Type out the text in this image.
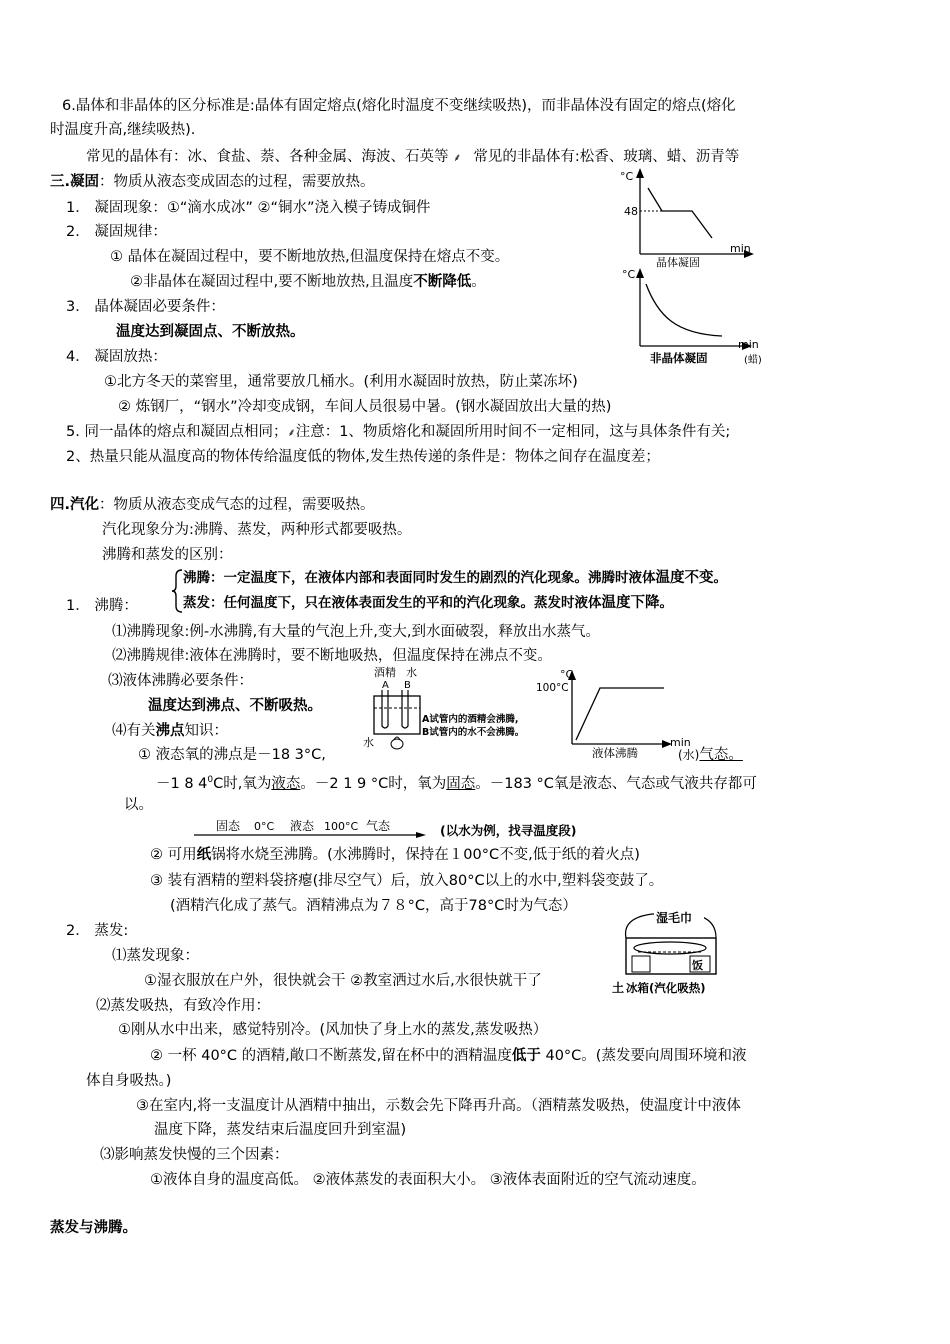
6.晶体和非晶体的区分标准是:晶体有固定熔点(熔化时温度不变继续吸热)，而非晶体没有固定的熔点(熔化
时温度升高,继续吸热).
常见的晶体有：冰、食盐、萘、各种金属、海波、石英等 ⸙ 常见的非晶体有:松香、玻璃、蜡、沥青等
三.凝固：物质从液态变成固态的过程，需要放热。
1． 凝固现象：①“滴水成冰” ②“铜水”浇入模子铸成铜件
2． 凝固规律：
① 晶体在凝固过程中，要不断地放热,但温度保持在熔点不变。
②非晶体在凝固过程中,要不断地放热,且温度不断降低。
3． 晶体凝固必要条件：
温度达到凝固点、不断放热。
4． 凝固放热：
①北方冬天的菜窖里，通常要放几桶水。(利用水凝固时放热，防止菜冻坏)
② 炼钢厂，“钢水”冷却变成钢，车间人员很易中暑。(钢水凝固放出大量的热)
5. 同一晶体的熔点和凝固点相同；⸙注意：1、物质熔化和凝固所用时间不一定相同，这与具体条件有关;
2、热量只能从温度高的物体传给温度低的物体,发生热传递的条件是：物体之间存在温度差；
°C
48
min
晶体凝固
°C
min
非晶体凝固	(蜡)
四.汽化：物质从液态变成气态的过程，需要吸热。
汽化现象分为:沸腾、蒸发，两种形式都要吸热。
沸腾和蒸发的区别：
沸腾：一定温度下，在液体内部和表面同时发生的剧烈的汽化现象。沸腾时液体温度不变。
蒸发：任何温度下，只在液体表面发生的平和的汽化现象。蒸发时液体温度下降。
1． 沸腾：
⑴沸腾现象:例-水沸腾,有大量的气泡上升,变大,到水面破裂，释放出水蒸气。
⑵沸腾规律:液体在沸腾时，要不断地吸热，但温度保持在沸点不变。
⑶液体沸腾必要条件：
温度达到沸点、不断吸热。
⑷有关沸点知识：
① 液态氧的沸点是－18 3°C,	(水)气态。
－1 8 $4^0C$时,氧为液态。－2 1 9 °C时，氧为固态。－183 °C氧是液态、气态或气液共存都可
以。
酒精 水
A B
水
A试管内的酒精会沸腾,
B试管内的水不会沸腾。
°C
100°C
min
液体沸腾
固态 0°C 液态 100°C 气态	(以水为例，找寻温度段)
② 可用纸锅将水烧至沸腾。(水沸腾时，保持在１00°C不变,低于纸的着火点)
③ 装有酒精的塑料袋挤瘪(排尽空气）后，放入80°C以上的水中,塑料袋变鼓了。
(酒精汽化成了蒸气。酒精沸点为７８°C，高于78°C时为气态）
2． 蒸发:
⑴蒸发现象：
①湿衣服放在户外，很快就会干 ②教室洒过水后,水很快就干了
湿毛巾
饭
土 冰箱(汽化吸热)
⑵蒸发吸热，有致冷作用：
①刚从水中出来，感觉特别冷。(风加快了身上水的蒸发,蒸发吸热）
② 一杯 40°C 的酒精,敞口不断蒸发,留在杯中的酒精温度低于 40°C。(蒸发要向周围环境和液
体自身吸热。)
③在室内,将一支温度计从酒精中抽出，示数会先下降再升高。（酒精蒸发吸热，使温度计中液体
温度下降，蒸发结束后温度回升到室温)
⑶影响蒸发快慢的三个因素：
①液体自身的温度高低。 ②液体蒸发的表面积大小。 ③液体表面附近的空气流动速度。
蒸发与沸腾。
